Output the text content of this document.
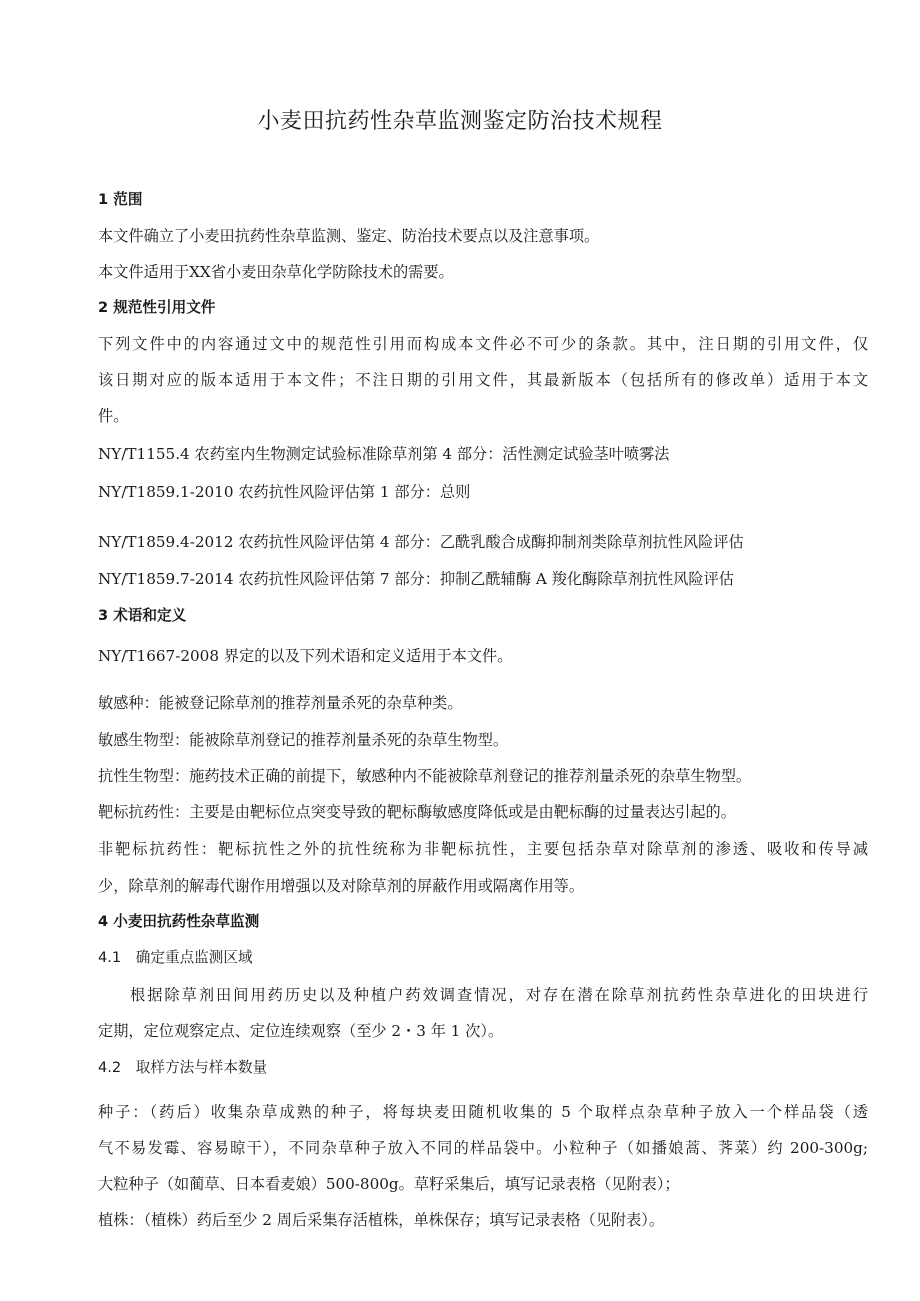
小麦田抗药性杂草监测鉴定防治技术规程
1 范围
本文件确立了小麦田抗药性杂草监测、鉴定、防治技术要点以及注意事项。
本文件适用于XX省小麦田杂草化学防除技术的需要。
2 规范性引用文件
下列文件中的内容通过文中的规范性引用而构成本文件必不可少的条款。其中，注日期的引用文件，仅
该日期对应的版本适用于本文件；不注日期的引用文件，其最新版本（包括所有的修改单）适用于本文
件。
NY/T1155.4 农药室内生物测定试验标准除草剂第 4 部分：活性测定试验茎叶喷雾法
NY/T1859.1-2010 农药抗性风险评估第 1 部分：总则
NY/T1859.4-2012 农药抗性风险评估第 4 部分：乙酰乳酸合成酶抑制剂类除草剂抗性风险评估
NY/T1859.7-2014 农药抗性风险评估第 7 部分：抑制乙酰辅酶 A 羧化酶除草剂抗性风险评估
3 术语和定义
NY/T1667-2008 界定的以及下列术语和定义适用于本文件。
敏感种：能被登记除草剂的推荐剂量杀死的杂草种类。
敏感生物型：能被除草剂登记的推荐剂量杀死的杂草生物型。
抗性生物型：施药技术正确的前提下，敏感种内不能被除草剂登记的推荐剂量杀死的杂草生物型。
靶标抗药性：主要是由靶标位点突变导致的靶标酶敏感度降低或是由靶标酶的过量表达引起的。
非靶标抗药性：靶标抗性之外的抗性统称为非靶标抗性，主要包括杂草对除草剂的渗透、吸收和传导减
少，除草剂的解毒代谢作用增强以及对除草剂的屏蔽作用或隔离作用等。
4 小麦田抗药性杂草监测
4.1　确定重点监测区域
根据除草剂田间用药历史以及种植户药效调查情况，对存在潜在除草剂抗药性杂草进化的田块进行
定期，定位观察定点、定位连续观察（至少 2・3 年 1 次）。
4.2　取样方法与样本数量
种子：（药后）收集杂草成熟的种子，将每块麦田随机收集的 5 个取样点杂草种子放入一个样品袋（透
气不易发霉、容易晾干），不同杂草种子放入不同的样品袋中。小粒种子（如播娘蒿、荠菜）约 200-300g;
大粒种子（如蔺草、日本看麦娘）500-800g。草籽采集后，填写记录表格（见附表）；
植株：（植株）药后至少 2 周后采集存活植株，单株保存；填写记录表格（见附表）。
